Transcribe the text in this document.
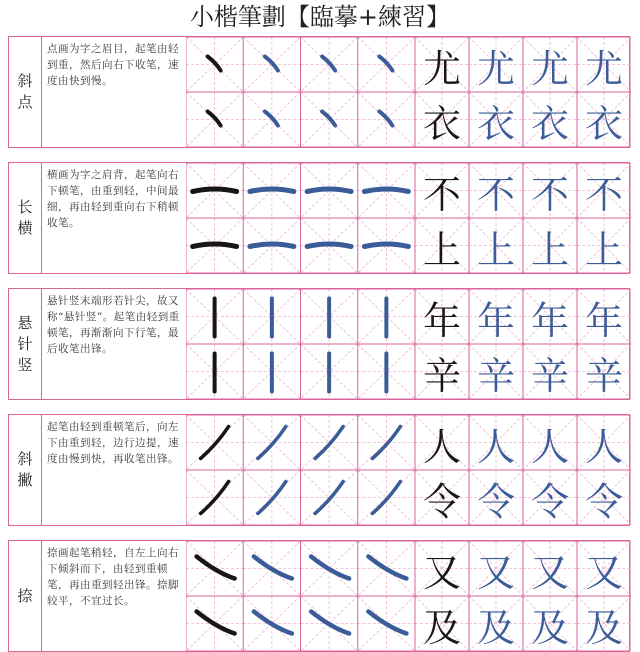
小楷筆劃【臨摹+練習】
斜
点
点画为字之眉目，起笔由轻到重，然后向右下收笔，速度由快到慢。	尤 尤 尤 尤
衣 衣 衣 衣
长
横
横画为字之肩背，起笔向右下顿笔，由重到轻，中间最细，再由轻到重向右下稍顿收笔。
不 不 不 不
上 上 上 上
悬
针
竖
悬针竖末端形若针尖，故又称“悬针竖”。起笔由轻到重顿笔，再渐渐向下行笔，最后收笔出锋。
年 年 年 年
辛 辛 辛 辛
斜
撇
起笔由轻到重顿笔后，向左下由重到轻，边行边提，速度由慢到快，再收笔出锋。	人 人 人 人
令 令 令 令
捺
捺画起笔稍轻，自左上向右下倾斜而下，由轻到重顿笔，再由重到轻出锋。捺脚较平，不宜过长。
又 又 又 又
及 及 及 及
